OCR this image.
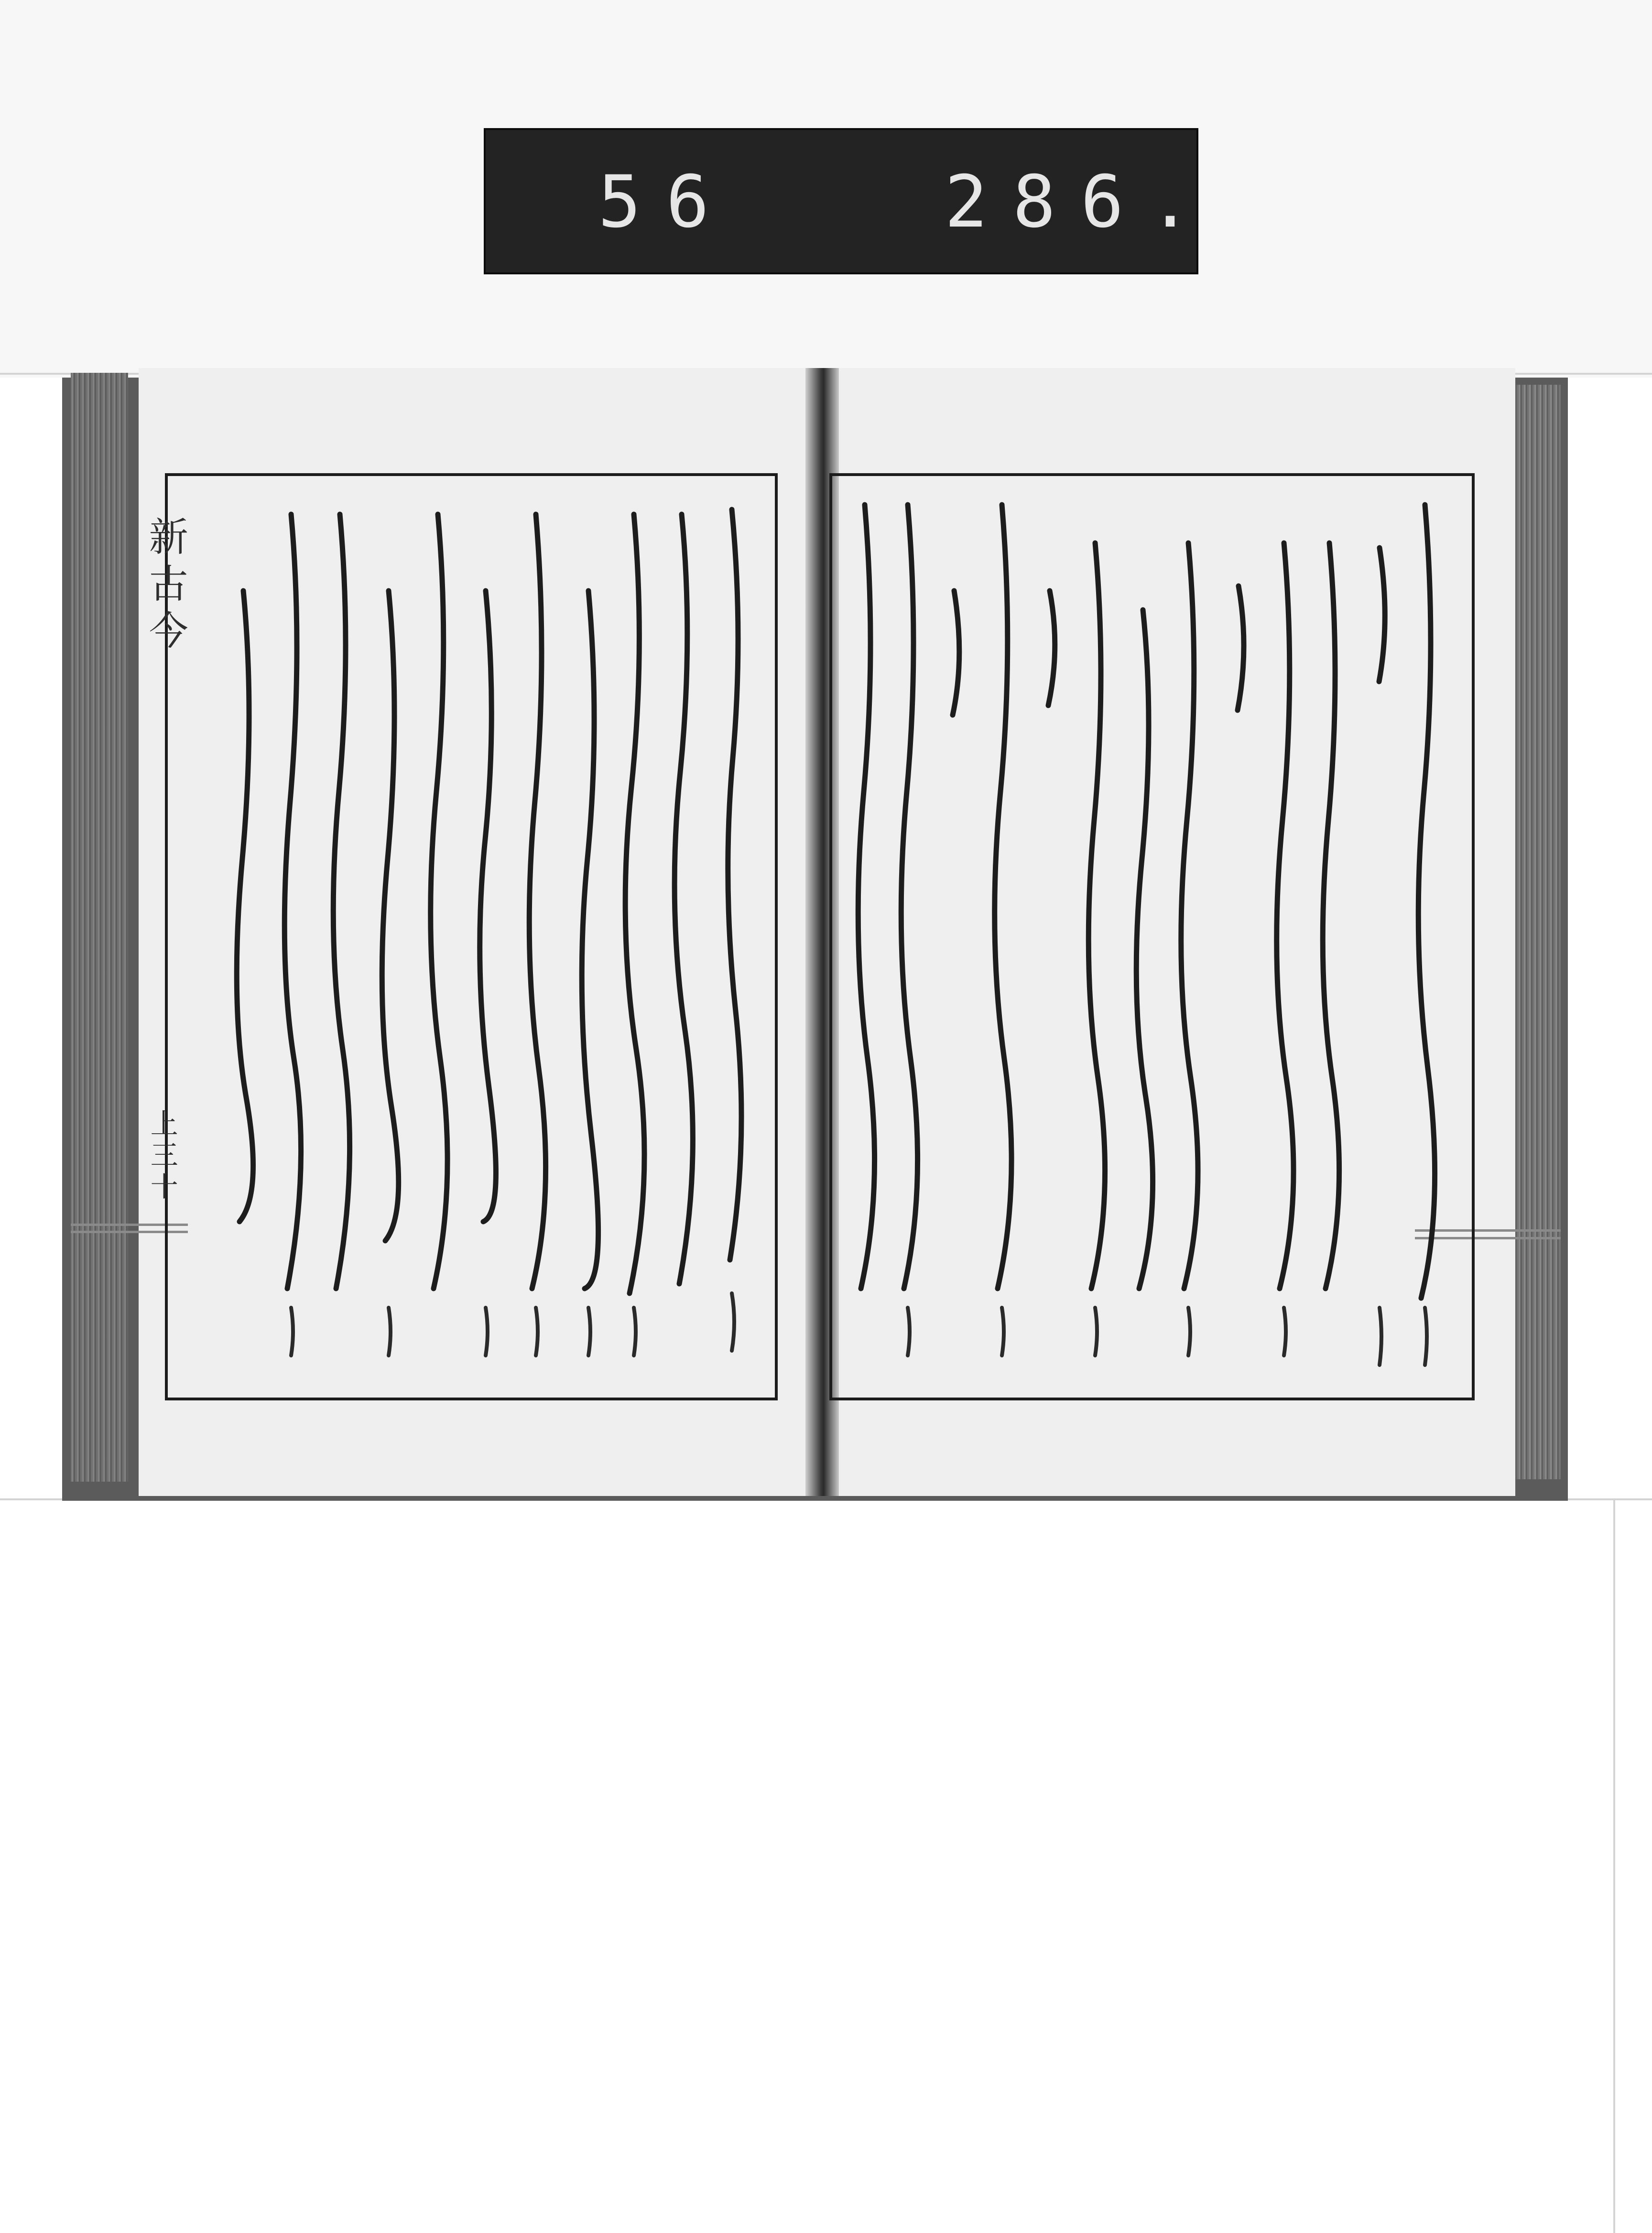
56	286.
新古今
上三十
